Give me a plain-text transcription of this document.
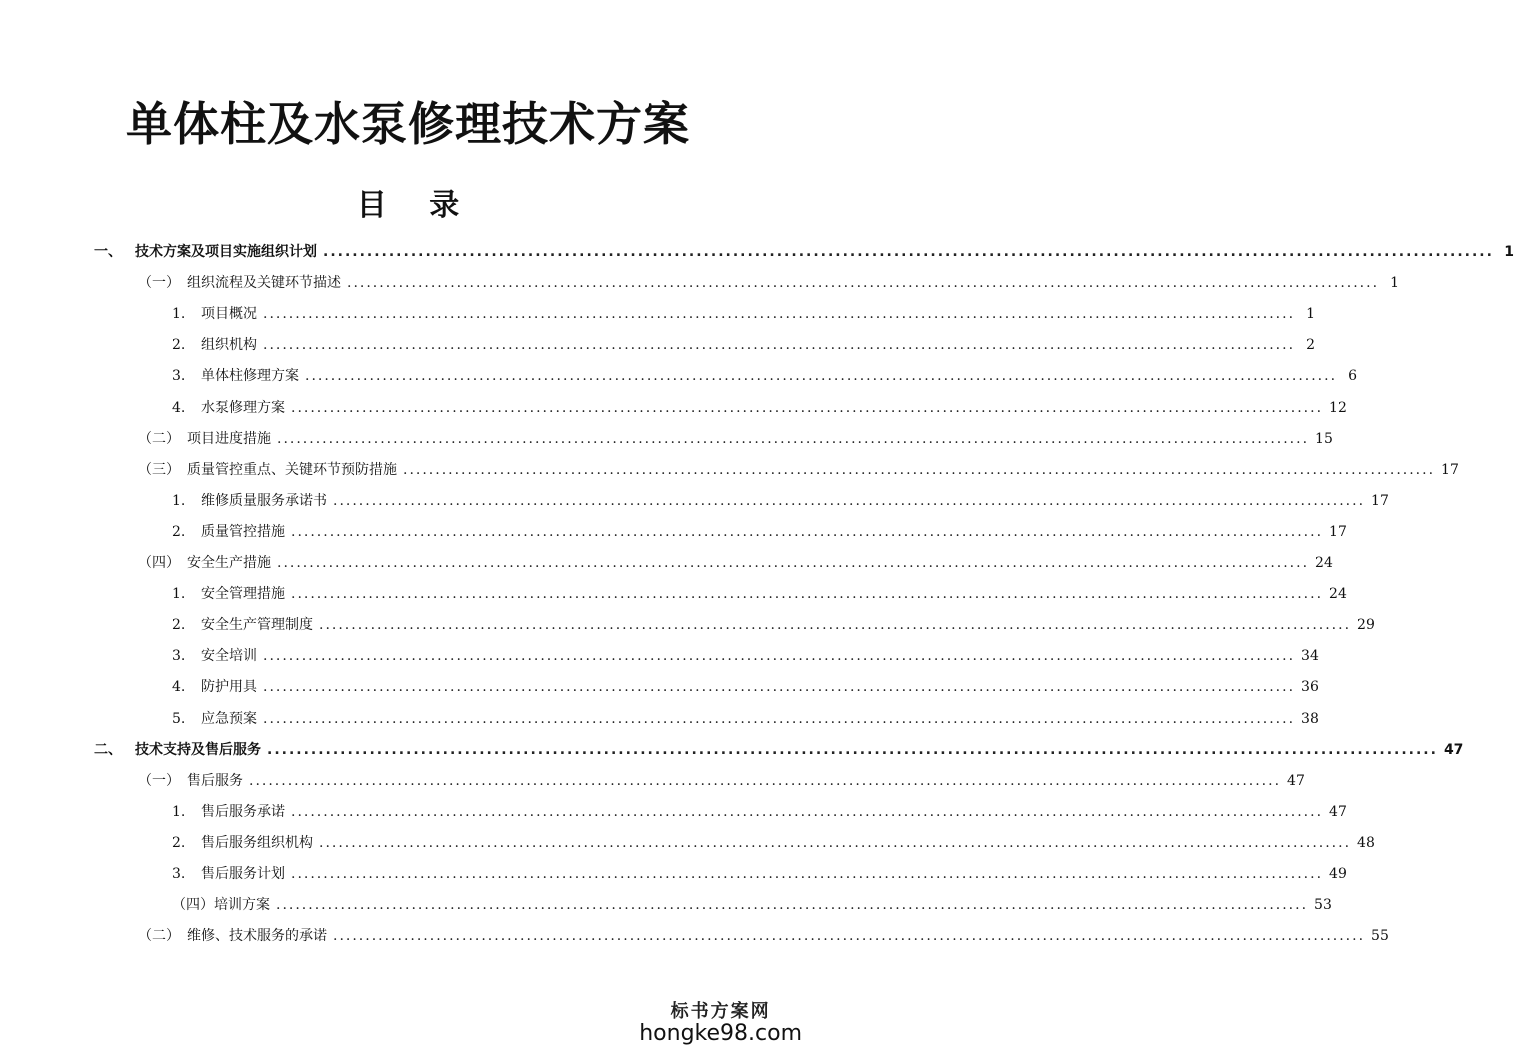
单体柱及水泵修理技术方案
目 录
一、 技术方案及项目实施组织计划 ................................................................................................................................................................ 1
（一） 组织流程及关键环节描述 ................................................................................................................................................................ 1
1.	项目概况 ................................................................................................................................................................ 1
2.	组织机构 ................................................................................................................................................................ 2
3.	单体柱修理方案 ................................................................................................................................................................ 6
4.	水泵修理方案 ................................................................................................................................................................ 12
（二） 项目进度措施 ................................................................................................................................................................ 15
（三） 质量管控重点、关键环节预防措施 ................................................................................................................................................................ 17
1.	维修质量服务承诺书 ................................................................................................................................................................ 17
2.	质量管控措施 ................................................................................................................................................................ 17
（四） 安全生产措施 ................................................................................................................................................................ 24
1.	安全管理措施 ................................................................................................................................................................ 24
2.	安全生产管理制度 ................................................................................................................................................................ 29
3.	安全培训 ................................................................................................................................................................ 34
4.	防护用具 ................................................................................................................................................................ 36
5.	应急预案 ................................................................................................................................................................ 38
二、 技术支持及售后服务 ................................................................................................................................................................ 47
（一） 售后服务 ................................................................................................................................................................ 47
1.	售后服务承诺 ................................................................................................................................................................ 47
2.	售后服务组织机构 ................................................................................................................................................................ 48
3.	售后服务计划 ................................................................................................................................................................ 49
（四） 培训方案 ................................................................................................................................................................ 53
（二） 维修、技术服务的承诺 ................................................................................................................................................................ 55
标书方案网
hongke98.com
